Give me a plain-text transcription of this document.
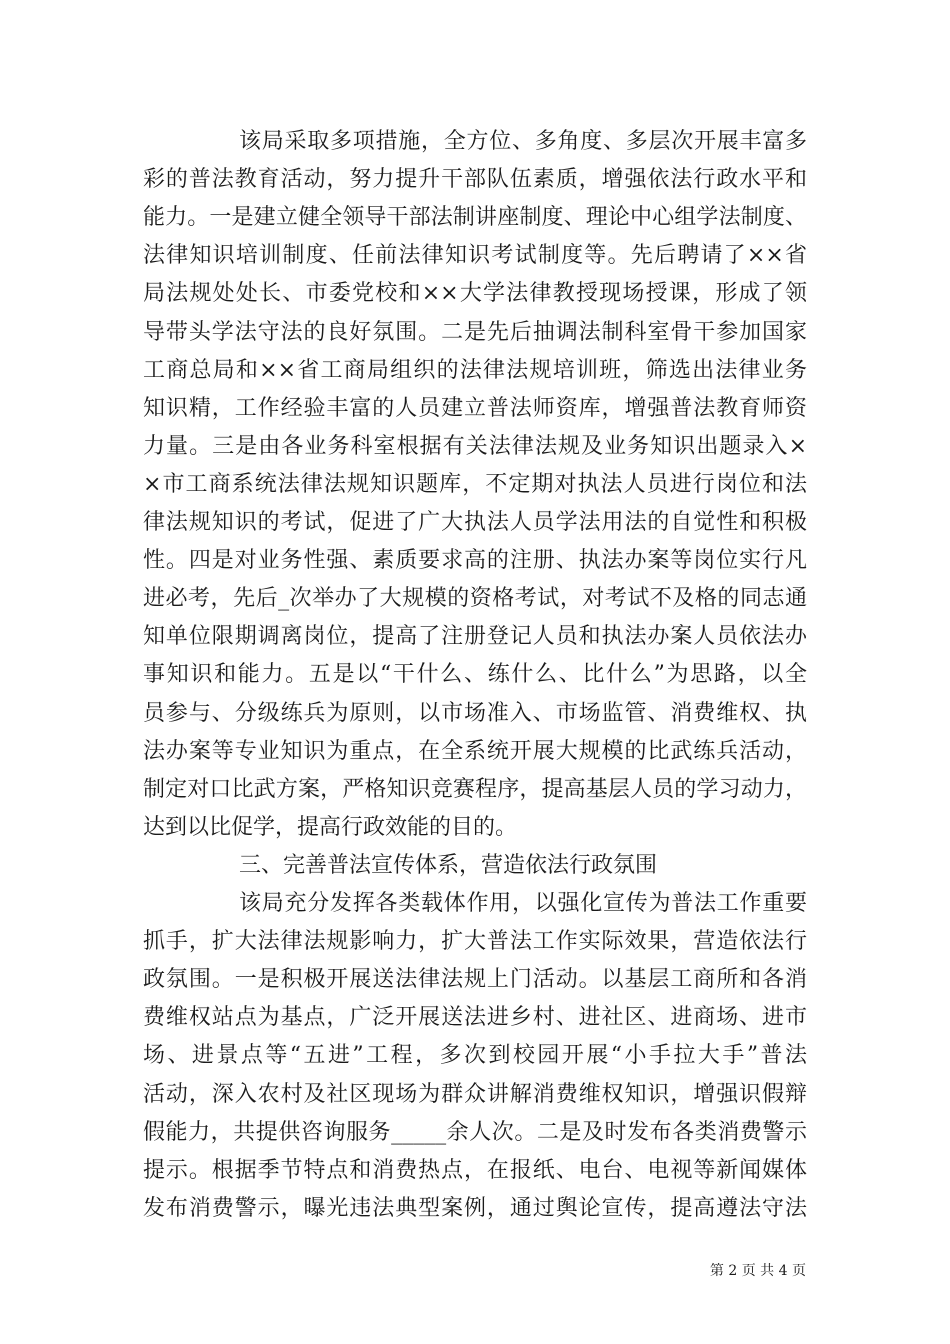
该局采取多项措施，全方位、多角度、多层次开展丰富多
彩的普法教育活动，努力提升干部队伍素质，增强依法行政水平和
能力。一是建立健全领导干部法制讲座制度、理论中心组学法制度、
法律知识培训制度、任前法律知识考试制度等。先后聘请了××省
局法规处处长、市委党校和××大学法律教授现场授课，形成了领
导带头学法守法的良好氛围。二是先后抽调法制科室骨干参加国家
工商总局和××省工商局组织的法律法规培训班，筛选出法律业务
知识精，工作经验丰富的人员建立普法师资库，增强普法教育师资
力量。三是由各业务科室根据有关法律法规及业务知识出题录入×
×市工商系统法律法规知识题库，不定期对执法人员进行岗位和法
律法规知识的考试，促进了广大执法人员学法用法的自觉性和积极
性。四是对业务性强、素质要求高的注册、执法办案等岗位实行凡
进必考，先后_次举办了大规模的资格考试，对考试不及格的同志通
知单位限期调离岗位，提高了注册登记人员和执法办案人员依法办
事知识和能力。五是以“干什么、练什么、比什么”为思路，以全
员参与、分级练兵为原则，以市场准入、市场监管、消费维权、执
法办案等专业知识为重点，在全系统开展大规模的比武练兵活动，
制定对口比武方案，严格知识竞赛程序，提高基层人员的学习动力，
达到以比促学，提高行政效能的目的。
三、完善普法宣传体系，营造依法行政氛围
该局充分发挥各类载体作用，以强化宣传为普法工作重要
抓手，扩大法律法规影响力，扩大普法工作实际效果，营造依法行
政氛围。一是积极开展送法律法规上门活动。以基层工商所和各消
费维权站点为基点，广泛开展送法进乡村、进社区、进商场、进市
场、进景点等“五进”工程，多次到校园开展“小手拉大手”普法
活动，深入农村及社区现场为群众讲解消费维权知识，增强识假辩
假能力，共提供咨询服务_____余人次。二是及时发布各类消费警示
提示。根据季节特点和消费热点，在报纸、电台、电视等新闻媒体
发布消费警示，曝光违法典型案例，通过舆论宣传，提高遵法守法
第 2 页 共 4 页
